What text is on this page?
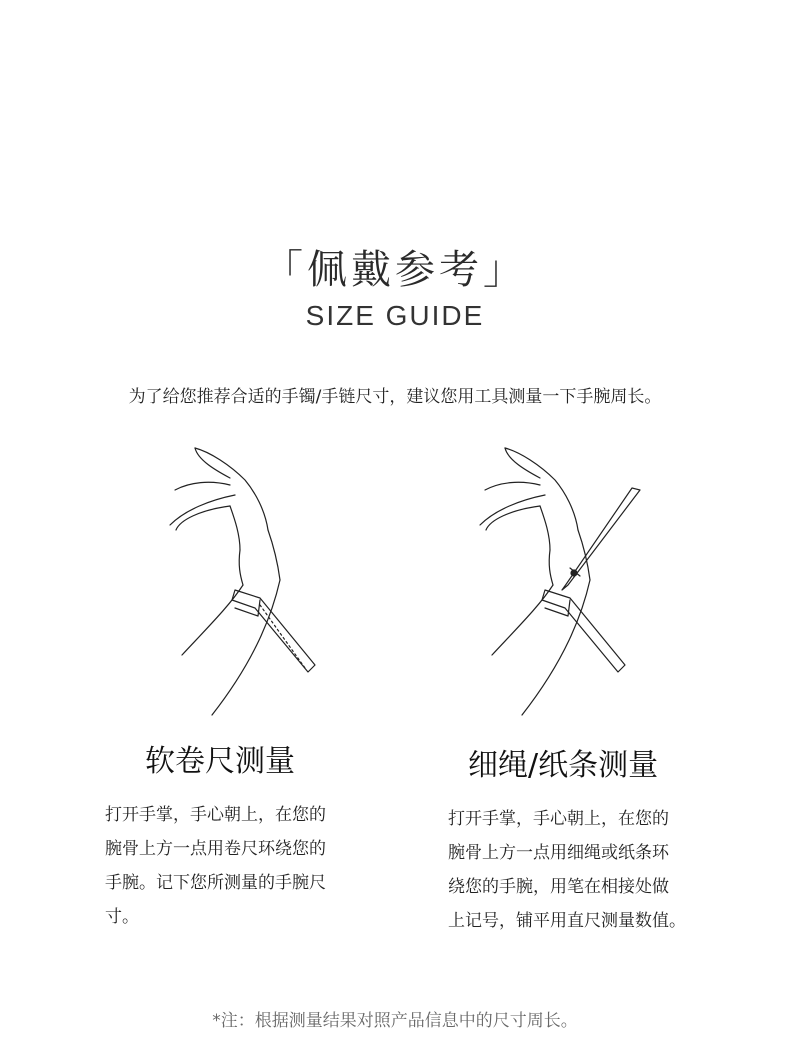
「佩戴参考」
SIZE GUIDE
为了给您推荐合适的手镯/手链尺寸，建议您用工具测量一下手腕周长。
软卷尺测量	细绳/纸条测量
打开手掌，手心朝上，在您的
腕骨上方一点用卷尺环绕您的
手腕。记下您所测量的手腕尺
寸。
打开手掌，手心朝上，在您的
腕骨上方一点用细绳或纸条环
绕您的手腕，用笔在相接处做
上记号，铺平用直尺测量数值。
*注：根据测量结果对照产品信息中的尺寸周长。
